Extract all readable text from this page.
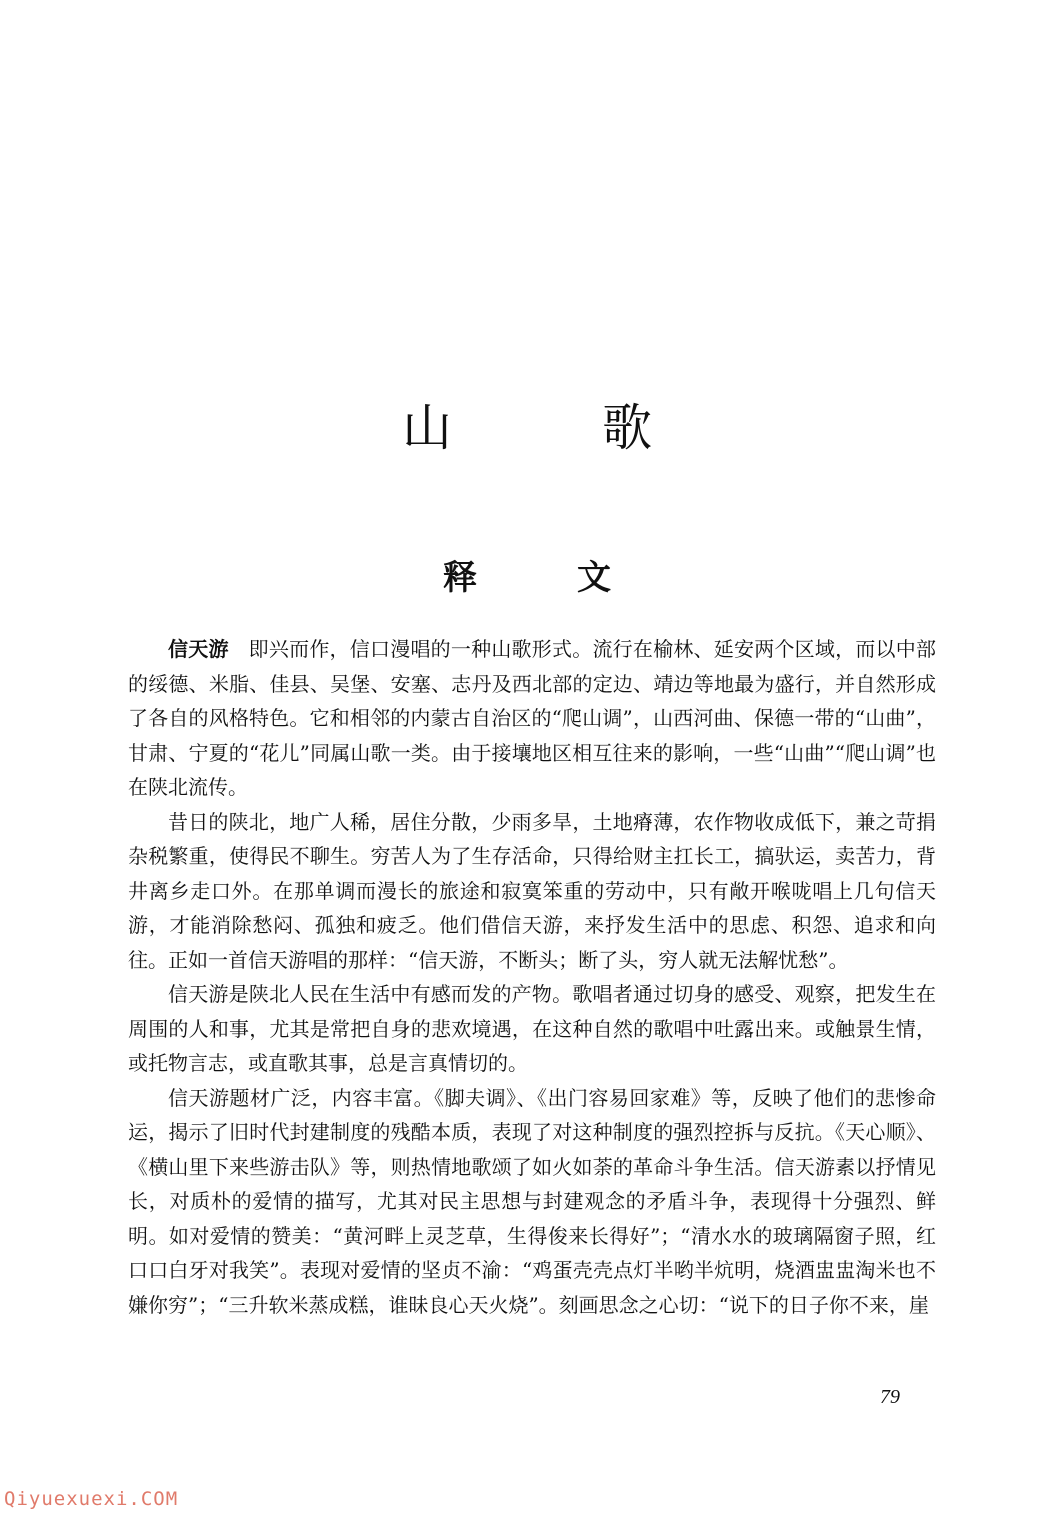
山	歌
释	文

信天游 即兴而作，信口漫唱的一种山歌形式。流行在榆林、延安两个区域，而以中部的绥德、米脂、佳县、吴堡、安塞、志丹及西北部的定边、靖边等地最为盛行，并自然形成了各自的风格特色。它和相邻的内蒙古自治区的“爬山调”，山西河曲、保德一带的“山曲”，甘肃、宁夏的“花儿”同属山歌一类。由于接壤地区相互往来的影响，一些“山曲”“爬山调”也在陕北流传。

昔日的陕北，地广人稀，居住分散，少雨多旱，土地瘠薄，农作物收成低下，兼之苛捐杂税繁重，使得民不聊生。穷苦人为了生存活命，只得给财主扛长工，搞驮运，卖苦力，背井离乡走口外。在那单调而漫长的旅途和寂寞笨重的劳动中，只有敞开喉咙唱上几句信天游，才能消除愁闷、孤独和疲乏。他们借信天游，来抒发生活中的思虑、积怨、追求和向往。正如一首信天游唱的那样：“信天游，不断头；断了头，穷人就无法解忧愁”。

信天游是陕北人民在生活中有感而发的产物。歌唱者通过切身的感受、观察，把发生在周围的人和事，尤其是常把自身的悲欢境遇，在这种自然的歌唱中吐露出来。或触景生情，或托物言志，或直歌其事，总是言真情切的。

信天游题材广泛，内容丰富。《脚夫调》、《出门容易回家难》等，反映了他们的悲惨命运，揭示了旧时代封建制度的残酷本质，表现了对这种制度的强烈控拆与反抗。《天心顺》、《横山里下来些游击队》等，则热情地歌颂了如火如荼的革命斗争生活。信天游素以抒情见长，对质朴的爱情的描写，尤其对民主思想与封建观念的矛盾斗争，表现得十分强烈、鲜明。如对爱情的赞美：“黄河畔上灵芝草，生得俊来长得好”；“清水水的玻璃隔窗子照，红口口白牙对我笑”。表现对爱情的坚贞不渝：“鸡蛋壳壳点灯半哟半炕明，烧酒盅盅淘米也不嫌你穷”；“三升软米蒸成糕，谁昧良心天火烧”。刻画思念之心切：“说下的日子你不来，崖

79
Qiyuexuexi.COM
